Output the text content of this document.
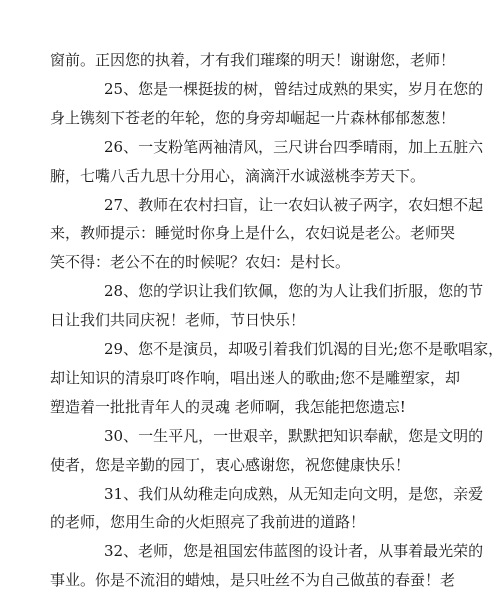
窗前。正因您的执着，才有我们璀璨的明天！谢谢您，老师！
25、您是一棵挺拔的树，曾结过成熟的果实，岁月在您的
身上镌刻下苍老的年轮，您的身旁却崛起一片森林郁郁葱葱！
26、一支粉笔两袖清风，三尺讲台四季晴雨，加上五脏六
腑，七嘴八舌九思十分用心，滴滴汗水诚滋桃李芳天下。
27、教师在农村扫盲，让一农妇认被子两字，农妇想不起
来，教师提示：睡觉时你身上是什么，农妇说是老公。老师哭
笑不得：老公不在的时候呢？农妇：是村长。
28、您的学识让我们钦佩，您的为人让我们折服，您的节
日让我们共同庆祝！老师，节日快乐！
29、您不是演员，却吸引着我们饥渴的目光;您不是歌唱家，
却让知识的清泉叮咚作响，唱出迷人的歌曲;您不是雕塑家，却
塑造着一批批青年人的灵魂 老师啊，我怎能把您遗忘!
30、一生平凡，一世艰辛，默默把知识奉献，您是文明的
使者，您是辛勤的园丁，衷心感谢您，祝您健康快乐！
31、我们从幼稚走向成熟，从无知走向文明，是您，亲爱
的老师，您用生命的火炬照亮了我前进的道路！
32、老师，您是祖国宏伟蓝图的设计者，从事着最光荣的
事业。你是不流泪的蜡烛，是只吐丝不为自己做茧的春蚕！老
